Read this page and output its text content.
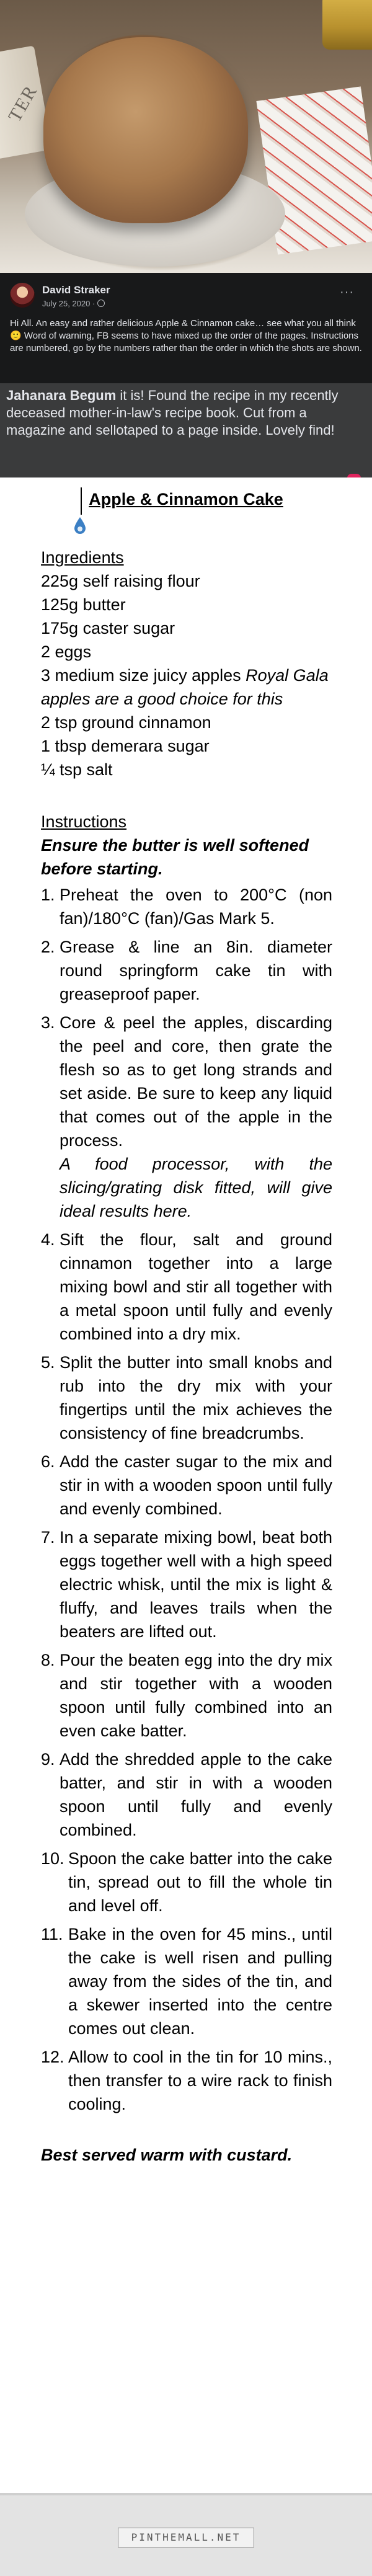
TER
David Straker
July 25, 2020 ·
···
Hi All. An easy and rather delicious Apple & Cinnamon cake… see what you all think 🙂 Word of warning, FB seems to have mixed up the order of the pages. Instructions are numbered, go by the numbers rather than the order in which the shots are shown.
Jahanara Begum it is! Found the recipe in my recently deceased mother-in-law's recipe book. Cut from a magazine and sellotaped to a page inside. Lovely find!
Apple & Cinnamon Cake

Ingredients

225g self raising flour

125g butter

175g caster sugar

2 eggs

3 medium size juicy apples Royal Gala apples are a good choice for this

2 tsp ground cinnamon

1 tbsp demerara sugar

¼ tsp salt

Instructions

Ensure the butter is well softened before starting.

1. Preheat the oven to 200°C (non fan)/180°C (fan)/Gas Mark 5.
2. Grease & line an 8in. diameter round springform cake tin with greaseproof paper.
3. Core & peel the apples, discarding the peel and core, then grate the flesh so as to get long strands and set aside. Be sure to keep any liquid that comes out of the apple in the process.
A food processor, with the slicing/grating disk fitted, will give ideal results here.
4. Sift the flour, salt and ground cinnamon together into a large mixing bowl and stir all together with a metal spoon until fully and evenly combined into a dry mix.
5. Split the butter into small knobs and rub into the dry mix with your fingertips until the mix achieves the consistency of fine breadcrumbs.
6. Add the caster sugar to the mix and stir in with a wooden spoon until fully and evenly combined.
7. In a separate mixing bowl, beat both eggs together well with a high speed electric whisk, until the mix is light & fluffy, and leaves trails when the beaters are lifted out.
8. Pour the beaten egg into the dry mix and stir together with a wooden spoon until fully combined into an even cake batter.
9. Add the shredded apple to the cake batter, and stir in with a wooden spoon until fully and evenly combined.
10. Spoon the cake batter into the cake tin, spread out to fill the whole tin and level off.
11. Bake in the oven for 45 mins., until the cake is well risen and pulling away from the sides of the tin, and a skewer inserted into the centre comes out clean.
12. Allow to cool in the tin for 10 mins., then transfer to a wire rack to finish cooling.

Best served warm with custard.

PINTHEMALL.NET
